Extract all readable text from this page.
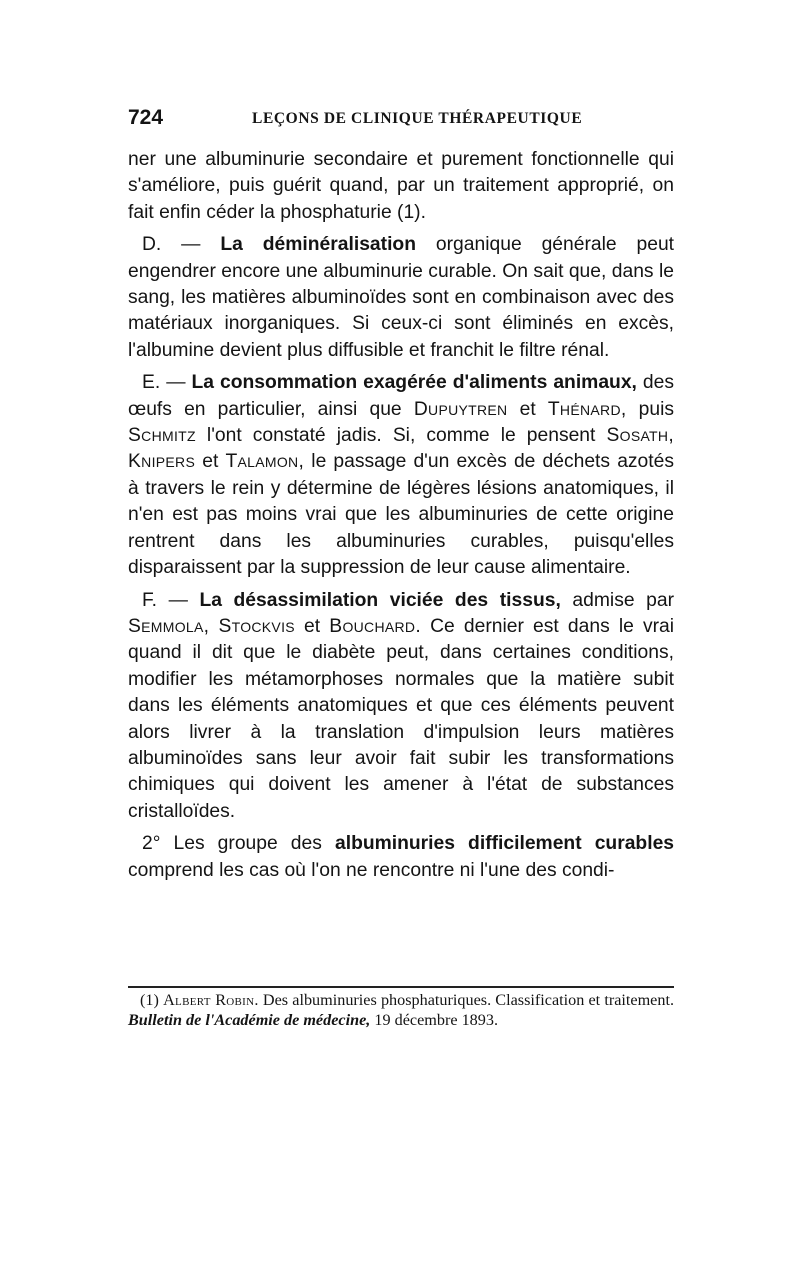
724	LEÇONS DE CLINIQUE THÉRAPEUTIQUE

ner une albuminurie secondaire et purement fonctionnelle qui s'améliore, puis guérit quand, par un traitement approprié, on fait enfin céder la phosphaturie (1).

D. — La déminéralisation organique générale peut engendrer encore une albuminurie curable. On sait que, dans le sang, les matières albuminoïdes sont en combinaison avec des matériaux inorganiques. Si ceux-ci sont éliminés en excès, l'albumine devient plus diffusible et franchit le filtre rénal.

E. — La consommation exagérée d'aliments animaux, des œufs en particulier, ainsi que Dupuytren et Thénard, puis Schmitz l'ont constaté jadis. Si, comme le pensent Sosath, Knipers et Talamon, le passage d'un excès de déchets azotés à travers le rein y détermine de légères lésions anatomiques, il n'en est pas moins vrai que les albuminuries de cette origine rentrent dans les albuminuries curables, puisqu'elles disparaissent par la suppression de leur cause alimentaire.

F. — La désassimilation viciée des tissus, admise par Semmola, Stockvis et Bouchard. Ce dernier est dans le vrai quand il dit que le diabète peut, dans certaines conditions, modifier les métamorphoses normales que la matière subit dans les éléments anatomiques et que ces éléments peuvent alors livrer à la translation d'impulsion leurs matières albuminoïdes sans leur avoir fait subir les transformations chimiques qui doivent les amener à l'état de substances cristalloïdes.

2° Les groupe des albuminuries difficilement curables comprend les cas où l'on ne rencontre ni l'une des condi-

(1) Albert Robin. Des albuminuries phosphaturiques. Classification et traitement. Bulletin de l'Académie de médecine, 19 décembre 1893.
